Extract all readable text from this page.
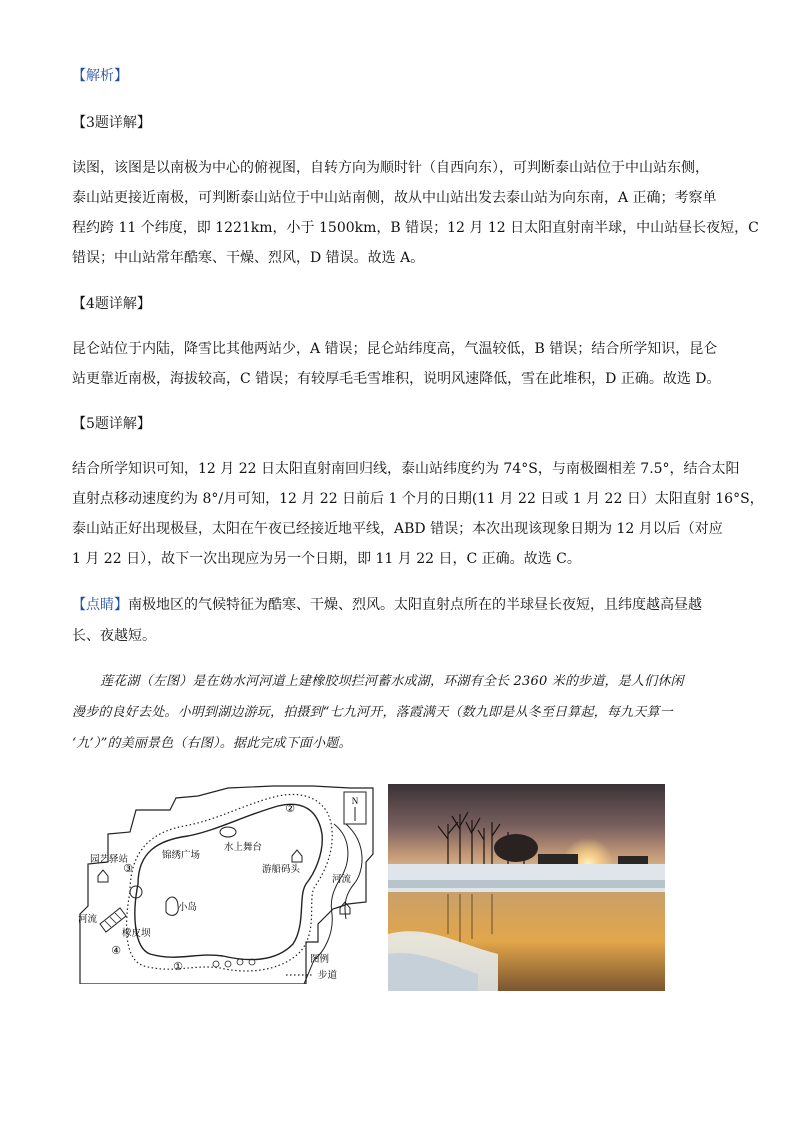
【解析】
【3题详解】
读图，该图是以南极为中心的俯视图，自转方向为顺时针（自西向东），可判断泰山站位于中山站东侧，
泰山站更接近南极，可判断泰山站位于中山站南侧，故从中山站出发去泰山站为向东南，A 正确；考察单
程约跨 11 个纬度，即 1221km，小于 1500km，B 错误；12 月 12 日太阳直射南半球，中山站昼长夜短，C
错误；中山站常年酷寒、干燥、烈风，D 错误。故选 A。
【4题详解】
昆仑站位于内陆，降雪比其他两站少，A 错误；昆仑站纬度高，气温较低，B 错误；结合所学知识，昆仑
站更靠近南极，海拔较高，C 错误；有较厚毛毛雪堆积，说明风速降低，雪在此堆积，D 正确。故选 D。
【5题详解】
结合所学知识可知，12 月 22 日太阳直射南回归线，泰山站纬度约为 74°S，与南极圈相差 7.5°，结合太阳
直射点移动速度约为 8°/月可知，12 月 22 日前后 1 个月的日期(11 月 22 日或 1 月 22 日）太阳直射 16°S，
泰山站正好出现极昼，太阳在午夜已经接近地平线，ABD 错误；本次出现该现象日期为 12 月以后（对应
1 月 22 日），故下一次出现应为另一个日期，即 11 月 22 日，C 正确。故选 C。
【点睛】南极地区的气候特征为酷寒、干燥、烈风。太阳直射点所在的半球昼长夜短，且纬度越高昼越
长、夜越短。
莲花湖（左图）是在妫水河河道上建橡胶坝拦河蓄水成湖，环湖有全长 2360 米的步道，是人们休闲
漫步的良好去处。小明到湖边游玩，拍摄到“七九河开，落霞满天（数九即是从冬至日算起，每九天算一
‘九’）”的美丽景色（右图）。据此完成下面小题。
N
②
③
④
①
园艺驿站	锦绣广场
水上舞台
游船码头
河流
河流
小岛
橡皮坝
图例
步道
